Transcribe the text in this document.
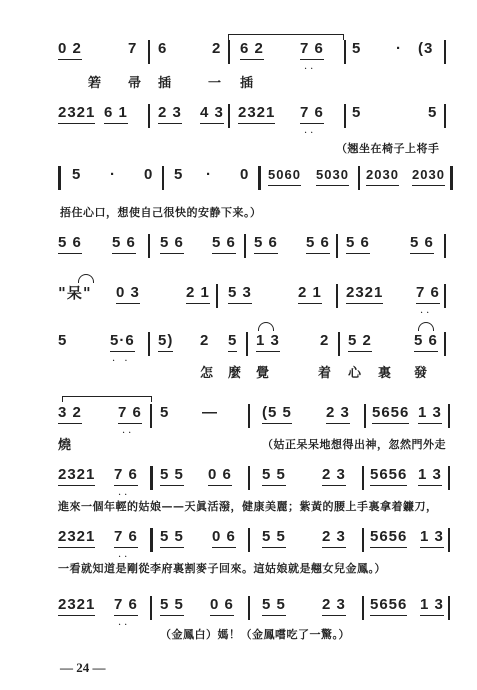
0 2	7 6	2 6 2 7 6
··
5 · (3
箬 帚 插	一 插
2321 6 1 2 3 4 3 2321 7 6
··
5	5
（翘坐在椅子上将手
5 · 0 5 · 0 5060 5030 2030 2030
捂住心口，想使自己很快的安静下来。）
5 6 5 6 5 6 5 6 5 6 5 6 5 6	5 6
"呆" 0 3	2 1 5 3	2 1 2321 7 6
··
5	5·6
· ·
5) 2 5 1 3	2 5 2	5 6
怎 麼 覺	着 心 裏 發
3 2 7 6
··
5 —	(5 5 2 3 5656 1 3
燒	（姑正呆呆地想得出神，忽然門外走
2321 7 6
··
5 5 0 6 5 5 2 3 5656 1 3
進來一個年輕的姑娘——天眞活潑，健康美麗；紫黃的腰上手裏拿着鐮刀，
2321 7 6
··
5 5 0 6 5 5 2 3 5656 1 3
一看就知道是剛從李府裏割麥子回來。這姑娘就是翹女兒金鳳。）
2321 7 6
··
5 5 0 6 5 5 2 3 5656 1 3
（金鳳白）媽！（金鳳嚐吃了一驚。）
— 24 —
